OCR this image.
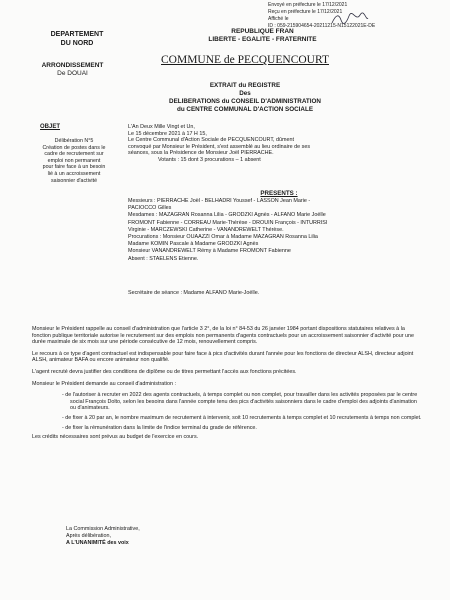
Envoyé en préfecture le 17/12/2021
Reçu en préfecture le 17/12/2021
Affiché le
ID : 059-215904654-20211215-N15122021E-DE
DEPARTEMENT
DU NORD
ARRONDISSEMENT
De DOUAI
REPUBLIQUE FRAN
LIBERTE - EGALITE - FRATERNITE
COMMUNE de PECQUENCOURT
EXTRAIT du REGISTRE
Des
DELIBERATIONS du CONSEIL D'ADMINISTRATION
du CENTRE COMMUNAL D'ACTION SOCIALE
OBJET
Délibération N°5
Création de postes dans le
cadre de recrutement sur
emploi non permanent
pour faire face à un besoin
lié à un accroissement
saisonnier d'activité
L'An Deux Mille Vingt et Un,
Le 15 décembre 2021 à 17 H 15,
Le Centre Communal d'Action Sociale de PECQUENCOURT, dûment
convoqué par Monsieur le Président, s'est assemblé au lieu ordinaire de ses
séances, sous la Présidence de Monsieur Joël PIERRACHE.
Votants : 15 dont 3 procurations – 1 absent
PRESENTS :
Messieurs : PIERRACHE Joël - BELHADRI Youssef - LASSON Jean Marie -
PACIOCCO Gilles
Mesdames : MAZAGRAN Rosanna Lilia - GRODZKI Agnès - ALFANO Marie Joëlle
FROMONT Fabienne - CORREAU Marie-Thérèse - DROUIN François - INTURRISI
Virginie - MARCZEWSKI Catherine - VANANDREWELT Thérèse.
Procurations : Monsieur OUAAZZI Omar à Madame MAZAGRAN Rosanna Lilia
Madame KOMIN Pascale à Madame GRODZKI Agnès
Monsieur VANANDREWELT Rémy à Madame FROMONT Fabienne
Absent : STAELENS Etienne.
Secrétaire de séance : Madame ALFANO Marie-Joëlle.

Monsieur le Président rappelle au conseil d'administration que l'article 3 2°, de la loi n° 84-53 du 26 janvier 1984 portant dispositions statutaires relatives à la fonction publique territoriale autorise le recrutement sur des emplois non permanents d'agents contractuels pour un accroissement saisonnier d'activité pour une durée maximale de six mois sur une période consécutive de 12 mois, renouvellement compris.

Le recours à ce type d'agent contractuel est indispensable pour faire face à pics d'activités durant l'année pour les fonctions de directeur ALSH, directeur adjoint ALSH, animateur BAFA ou encore animateur non qualifié.

L'agent recruté devra justifier des conditions de diplôme ou de titres permettant l'accès aux fonctions précitées.

Monsieur le Président demande au conseil d'administration :

- de l'autoriser à recruter en 2022 des agents contractuels, à temps complet ou non complet, pour travailler dans les activités proposées par le centre social François Dolto, selon les besoins dans l'année compte tenu des pics d'activités saisonniers dans le cadre d'emploi des adjoints d'animation ou d'animateurs.

- de fixer à 20 par an, le nombre maximum de recrutement à intervenir, soit 10 recrutements à temps complet et 10 recrutements à temps non complet.

- de fixer la rémunération dans la limite de l'indice terminal du grade de référence.

Les crédits nécessaires sont prévus au budget de l'exercice en cours.

La Commission Administrative,
Après délibération,
A L'UNANIMITÉ des voix
